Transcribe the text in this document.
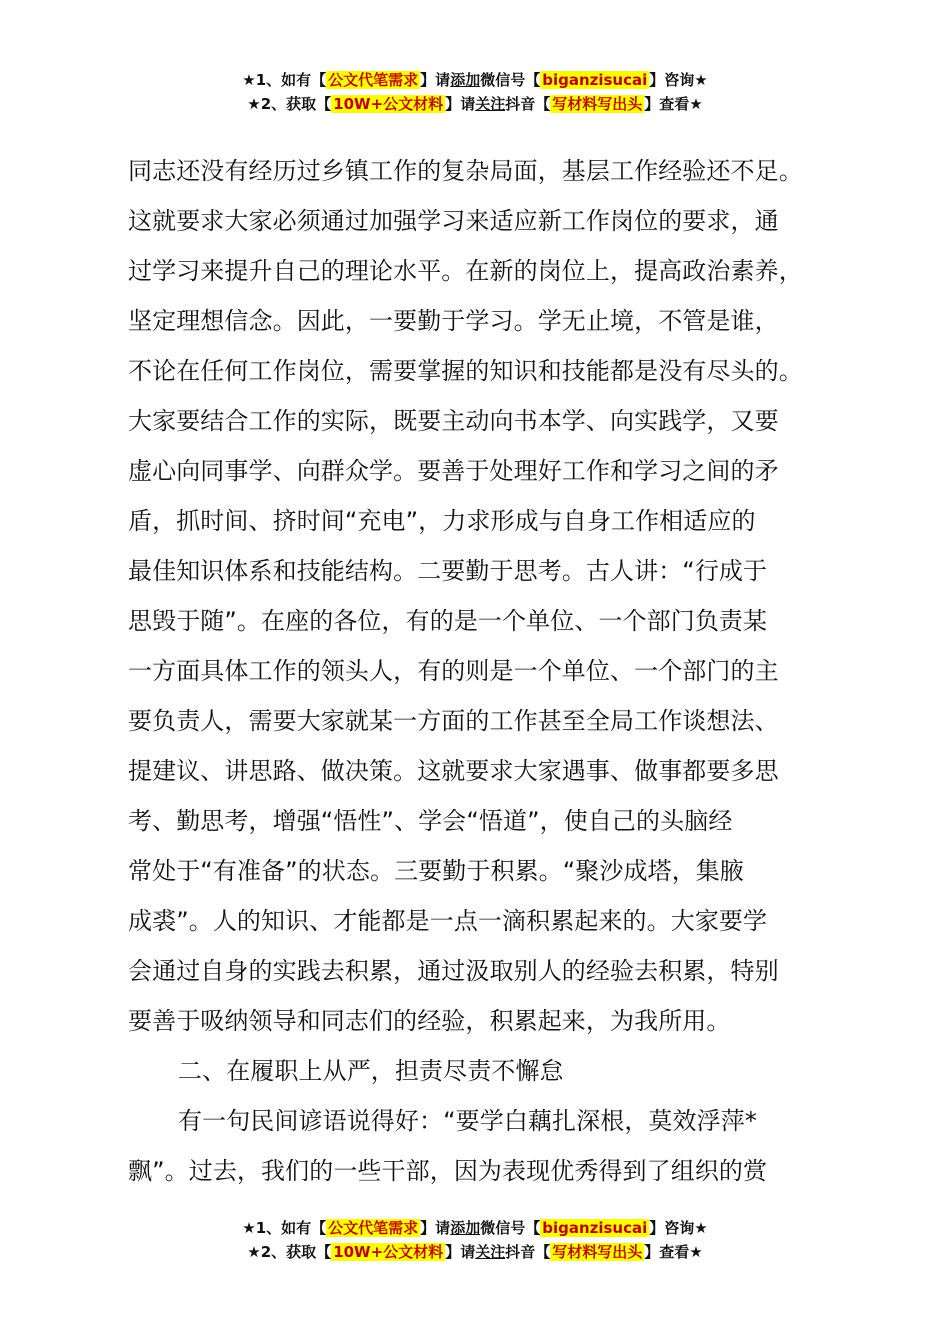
★1、如有【 公文代笔需求 】请添加微信号【 biganzisucai 】咨询★
★2、获取【 10W+公文材料 】请关注抖音【 写材料写出头 】查看★
同志还没有经历过乡镇工作的复杂局面，基层工作经验还不足。
这就要求大家必须通过加强学习来适应新工作岗位的要求，通
过学习来提升自己的理论水平。在新的岗位上，提高政治素养，
坚定理想信念。因此，一要勤于学习。学无止境，不管是谁，
不论在任何工作岗位，需要掌握的知识和技能都是没有尽头的。
大家要结合工作的实际，既要主动向书本学、向实践学，又要
虚心向同事学、向群众学。要善于处理好工作和学习之间的矛
盾，抓时间、挤时间“充电”，力求形成与自身工作相适应的
最佳知识体系和技能结构。二要勤于思考。古人讲：“行成于
思毁于随”。在座的各位，有的是一个单位、一个部门负责某
一方面具体工作的领头人，有的则是一个单位、一个部门的主
要负责人，需要大家就某一方面的工作甚至全局工作谈想法、
提建议、讲思路、做决策。这就要求大家遇事、做事都要多思
考、勤思考，增强“悟性”、学会“悟道”，使自己的头脑经
常处于“有准备”的状态。三要勤于积累。“聚沙成塔，集腋
成裘”。人的知识、才能都是一点一滴积累起来的。大家要学
会通过自身的实践去积累，通过汲取别人的经验去积累，特别
要善于吸纳领导和同志们的经验，积累起来，为我所用。
二、在履职上从严，担责尽责不懈怠
有一句民间谚语说得好：“要学白藕扎深根，莫效浮萍*
飘”。过去，我们的一些干部，因为表现优秀得到了组织的赏
★1、如有【 公文代笔需求 】请添加微信号【 biganzisucai 】咨询★
★2、获取【 10W+公文材料 】请关注抖音【 写材料写出头 】查看★
